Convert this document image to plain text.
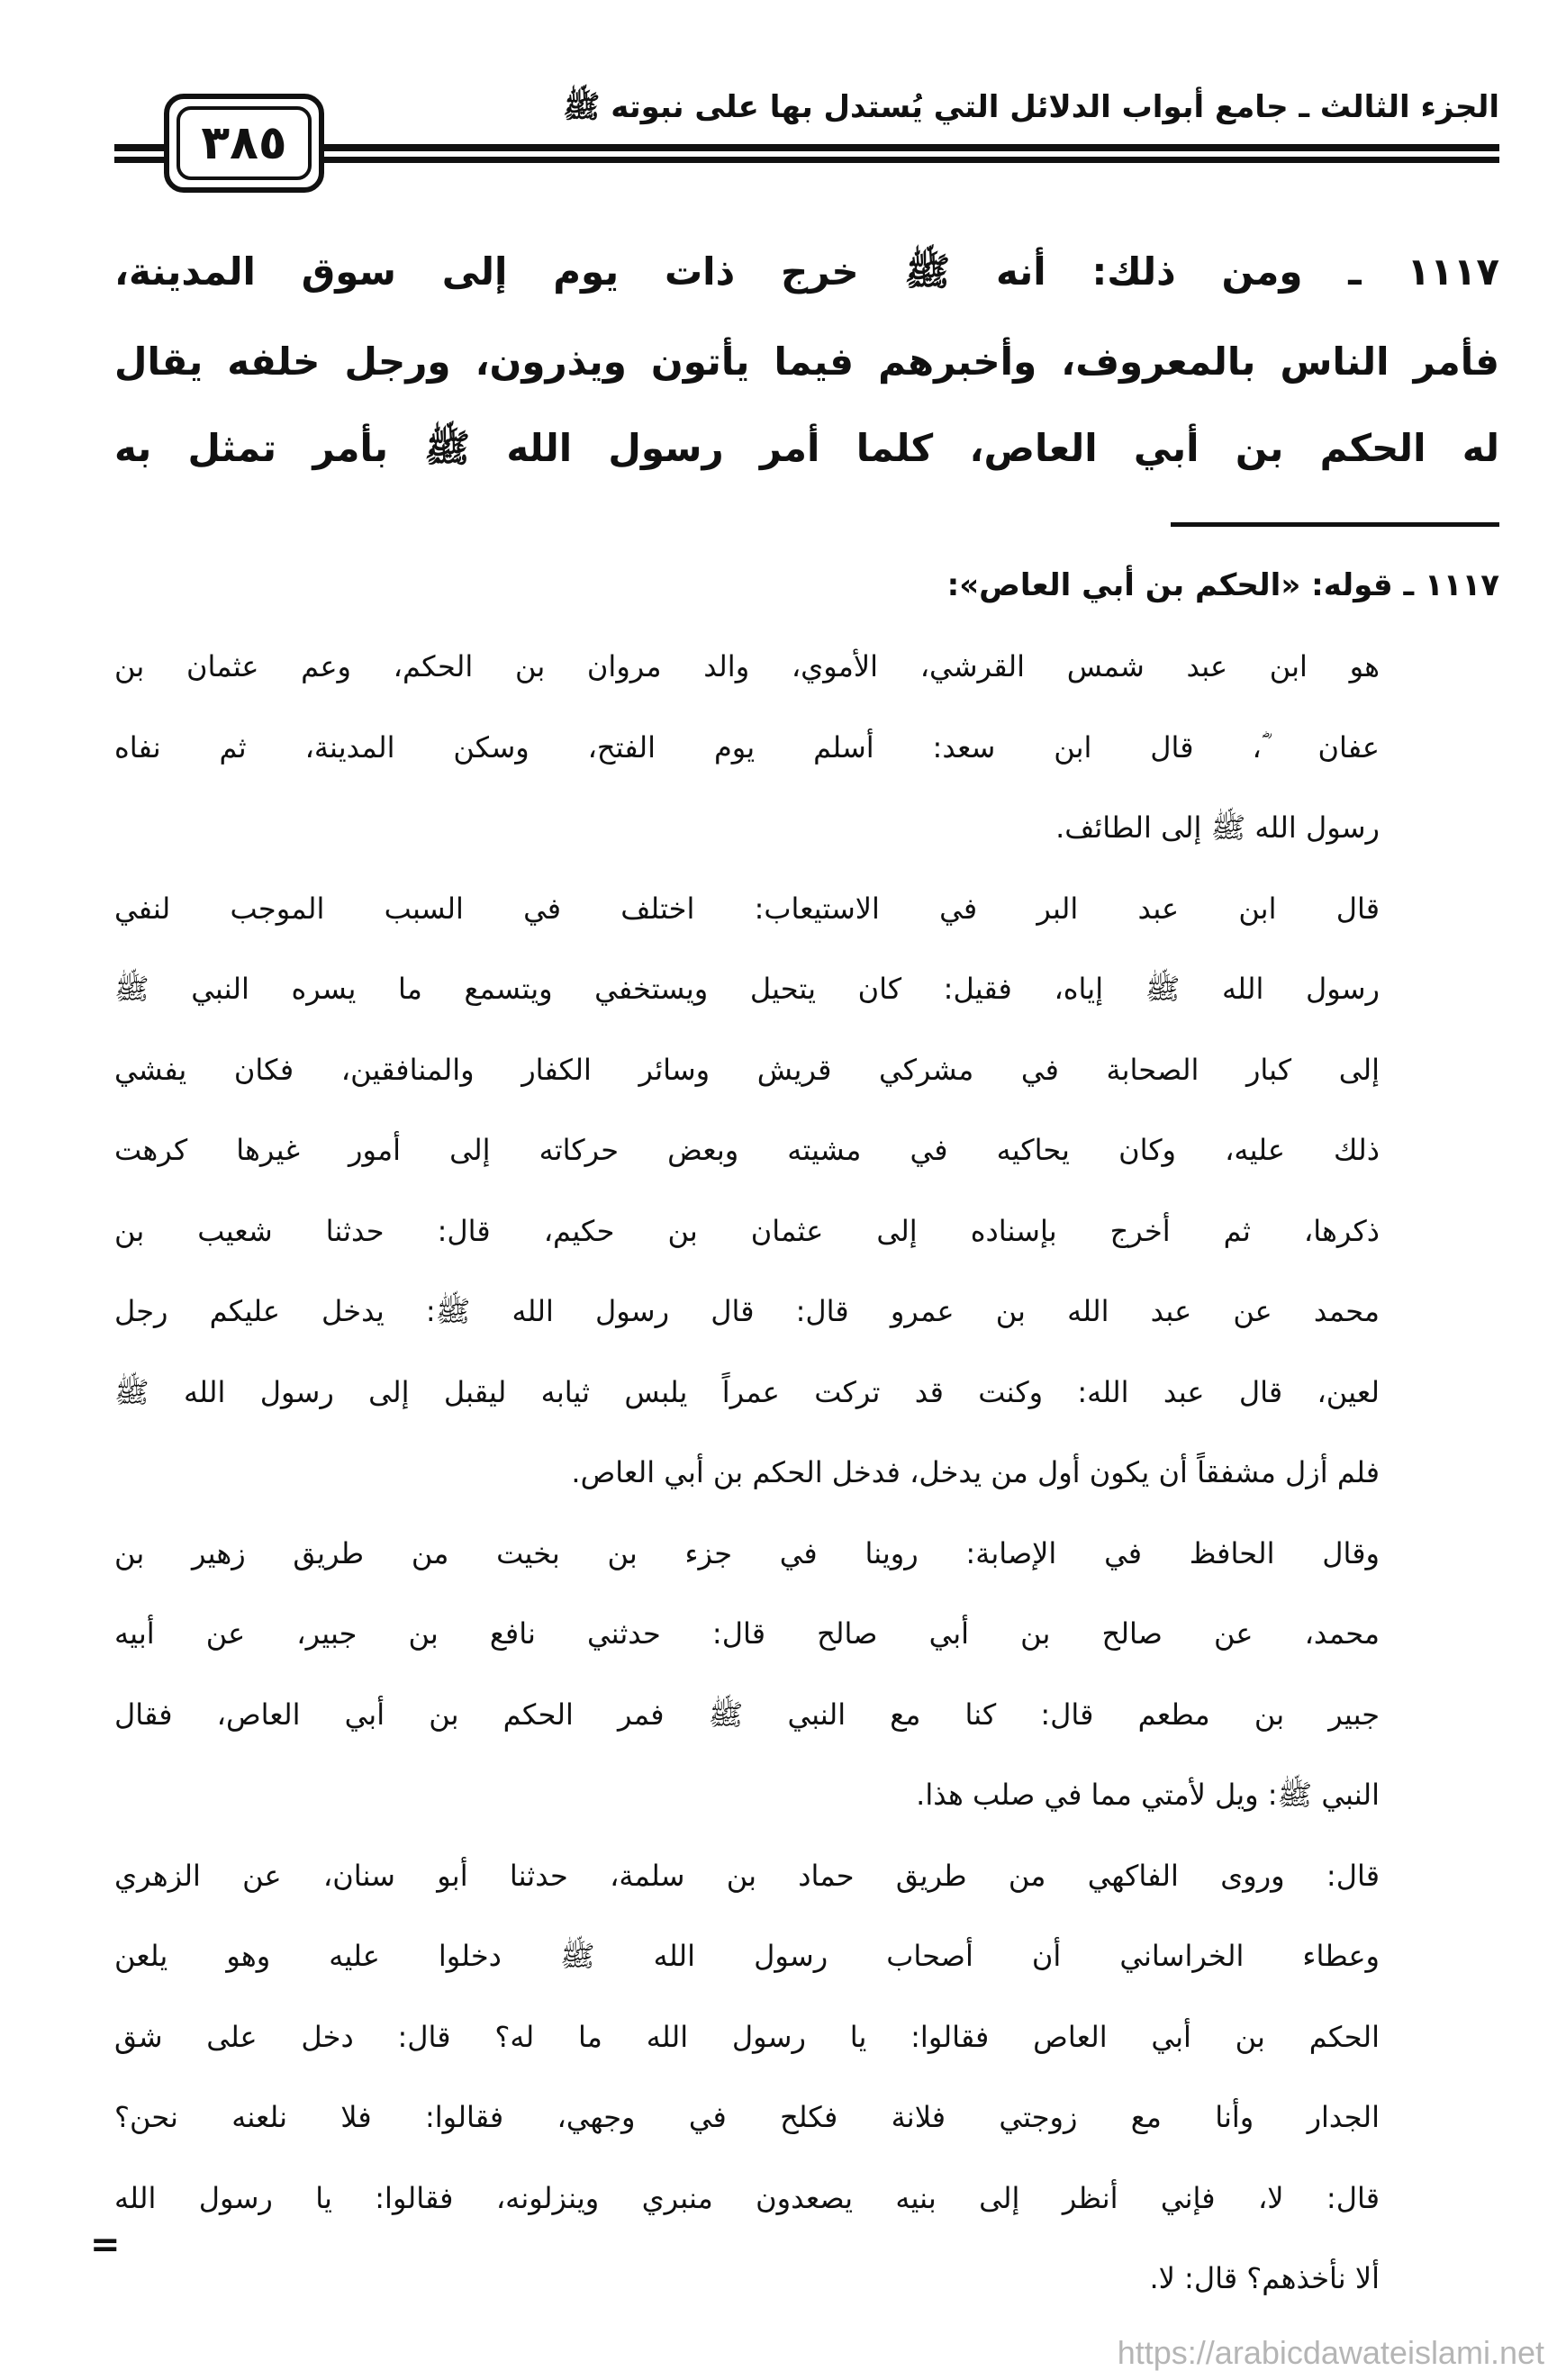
الجزء الثالث ـ جامع أبواب الدلائل التي يُستدل بها على نبوته ﷺ
٣٨٥
١١١٧ ـ ومن ذلك: أنه ﷺ خرج ذات يوم إلى سوق المدينة،
فأمر الناس بالمعروف، وأخبرهم فيما يأتون ويذرون، ورجل خلفه يقال
له الحكم بن أبي العاص، كلما أمر رسول الله ﷺ بأمر تمثل به
١١١٧ ـ قوله: «الحكم بن أبي العاص»:
هو ابن عبد شمس القرشي، الأموي، والد مروان بن الحكم، وعم عثمان بن
عفان ؓ، قال ابن سعد: أسلم يوم الفتح، وسكن المدينة، ثم نفاه
رسول الله ﷺ إلى الطائف.
قال ابن عبد البر في الاستيعاب: اختلف في السبب الموجب لنفي
رسول الله ﷺ إياه، فقيل: كان يتحيل ويستخفي ويتسمع ما يسره النبي ﷺ
إلى كبار الصحابة في مشركي قريش وسائر الكفار والمنافقين، فكان يفشي
ذلك عليه، وكان يحاكيه في مشيته وبعض حركاته إلى أمور غيرها كرهت
ذكرها، ثم أخرج بإسناده إلى عثمان بن حكيم، قال: حدثنا شعيب بن
محمد عن عبد الله بن عمرو قال: قال رسول الله ﷺ: يدخل عليكم رجل
لعين، قال عبد الله: وكنت قد تركت عمراً يلبس ثيابه ليقبل إلى رسول الله ﷺ
فلم أزل مشفقاً أن يكون أول من يدخل، فدخل الحكم بن أبي العاص.
وقال الحافظ في الإصابة: روينا في جزء بن بخيت من طريق زهير بن
محمد، عن صالح بن أبي صالح قال: حدثني نافع بن جبير، عن أبيه
جبير بن مطعم قال: كنا مع النبي ﷺ فمر الحكم بن أبي العاص، فقال
النبي ﷺ: ويل لأمتي مما في صلب هذا.
قال: وروى الفاكهي من طريق حماد بن سلمة، حدثنا أبو سنان، عن الزهري
وعطاء الخراساني أن أصحاب رسول الله ﷺ دخلوا عليه وهو يلعن
الحكم بن أبي العاص فقالوا: يا رسول الله ما له؟ قال: دخل على شق
الجدار وأنا مع زوجتي فلانة فكلح في وجهي، فقالوا: فلا نلعنه نحن؟
قال: لا، فإني أنظر إلى بنيه يصعدون منبري وينزلونه، فقالوا: يا رسول الله
ألا نأخذهم؟ قال: لا.
=
https://arabicdawateislami.net
